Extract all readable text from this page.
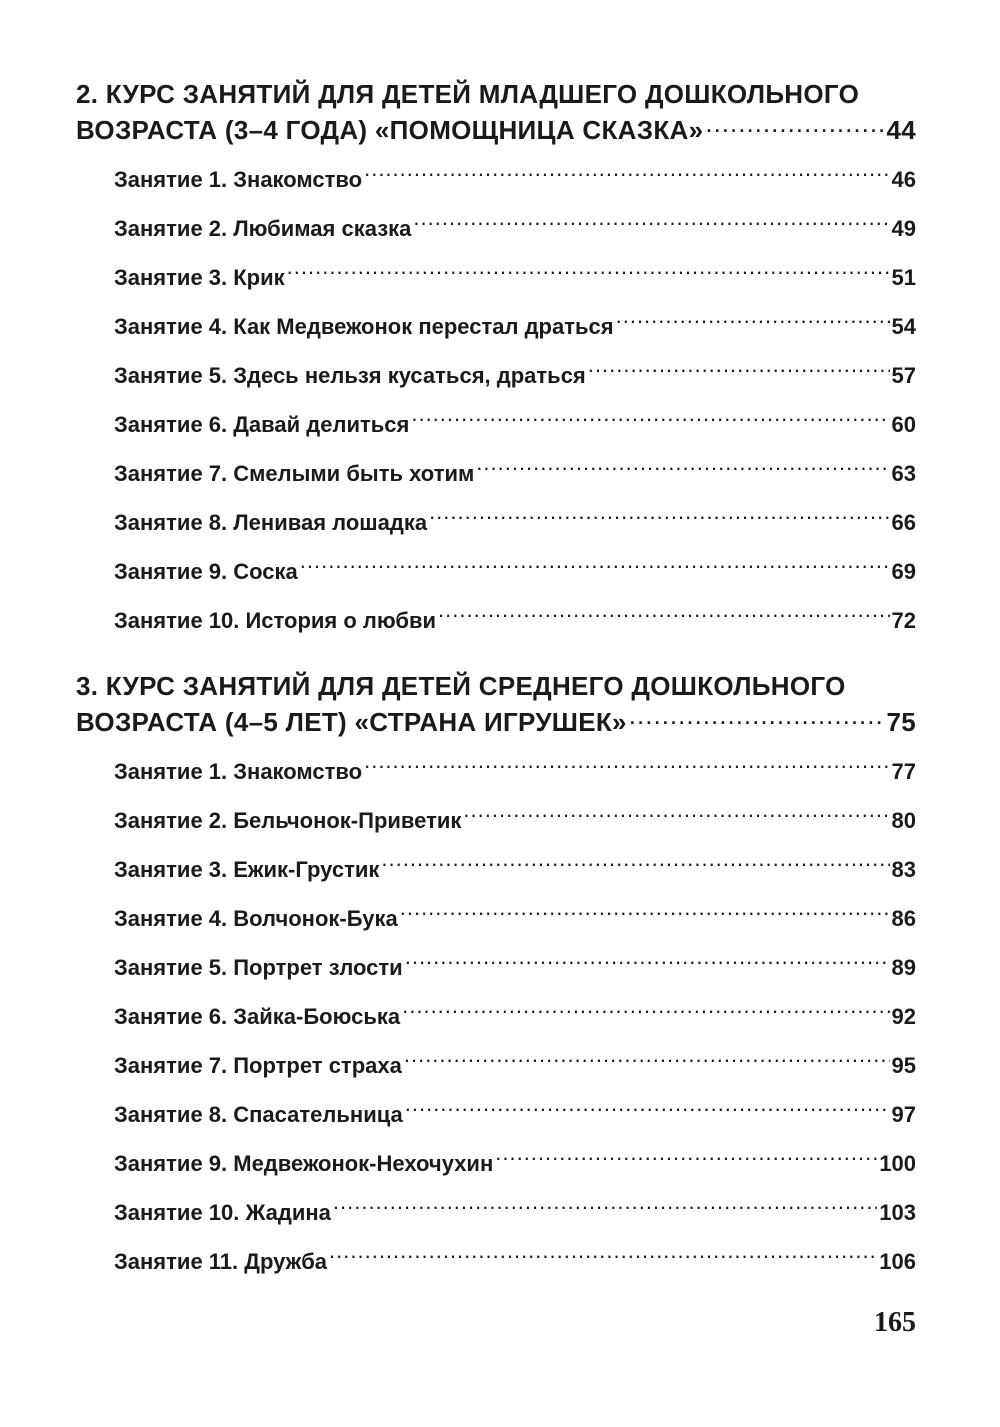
2. КУРС ЗАНЯТИЙ ДЛЯ ДЕТЕЙ МЛАДШЕГО ДОШКОЛЬНОГО
ВОЗРАСТА (3–4 ГОДА) «ПОМОЩНИЦА СКАЗКА» .....	44
Занятие 1. Знакомство .....	46
Занятие 2. Любимая сказка .....	49
Занятие 3. Крик .....	51
Занятие 4. Как Медвежонок перестал драться .....	54
Занятие 5. Здесь нельзя кусаться, драться .....	57
Занятие 6. Давай делиться .....	60
Занятие 7. Смелыми быть хотим .....	63
Занятие 8. Ленивая лошадка .....	66
Занятие 9. Соска .....	69
Занятие 10. История о любви .....	72
3. КУРС ЗАНЯТИЙ ДЛЯ ДЕТЕЙ СРЕДНЕГО ДОШКОЛЬНОГО
ВОЗРАСТА (4–5 ЛЕТ) «СТРАНА ИГРУШЕК» .....	75
Занятие 1. Знакомство .....	77
Занятие 2. Бельчонок-Приветик .....	80
Занятие 3. Ежик-Грустик .....	83
Занятие 4. Волчонок-Бука .....	86
Занятие 5. Портрет злости .....	89
Занятие 6. Зайка-Боюська .....	92
Занятие 7. Портрет страха .....	95
Занятие 8. Спасательница .....	97
Занятие 9. Медвежонок-Нехочухин .....	100
Занятие 10. Жадина .....	103
Занятие 11. Дружба .....	106
165
